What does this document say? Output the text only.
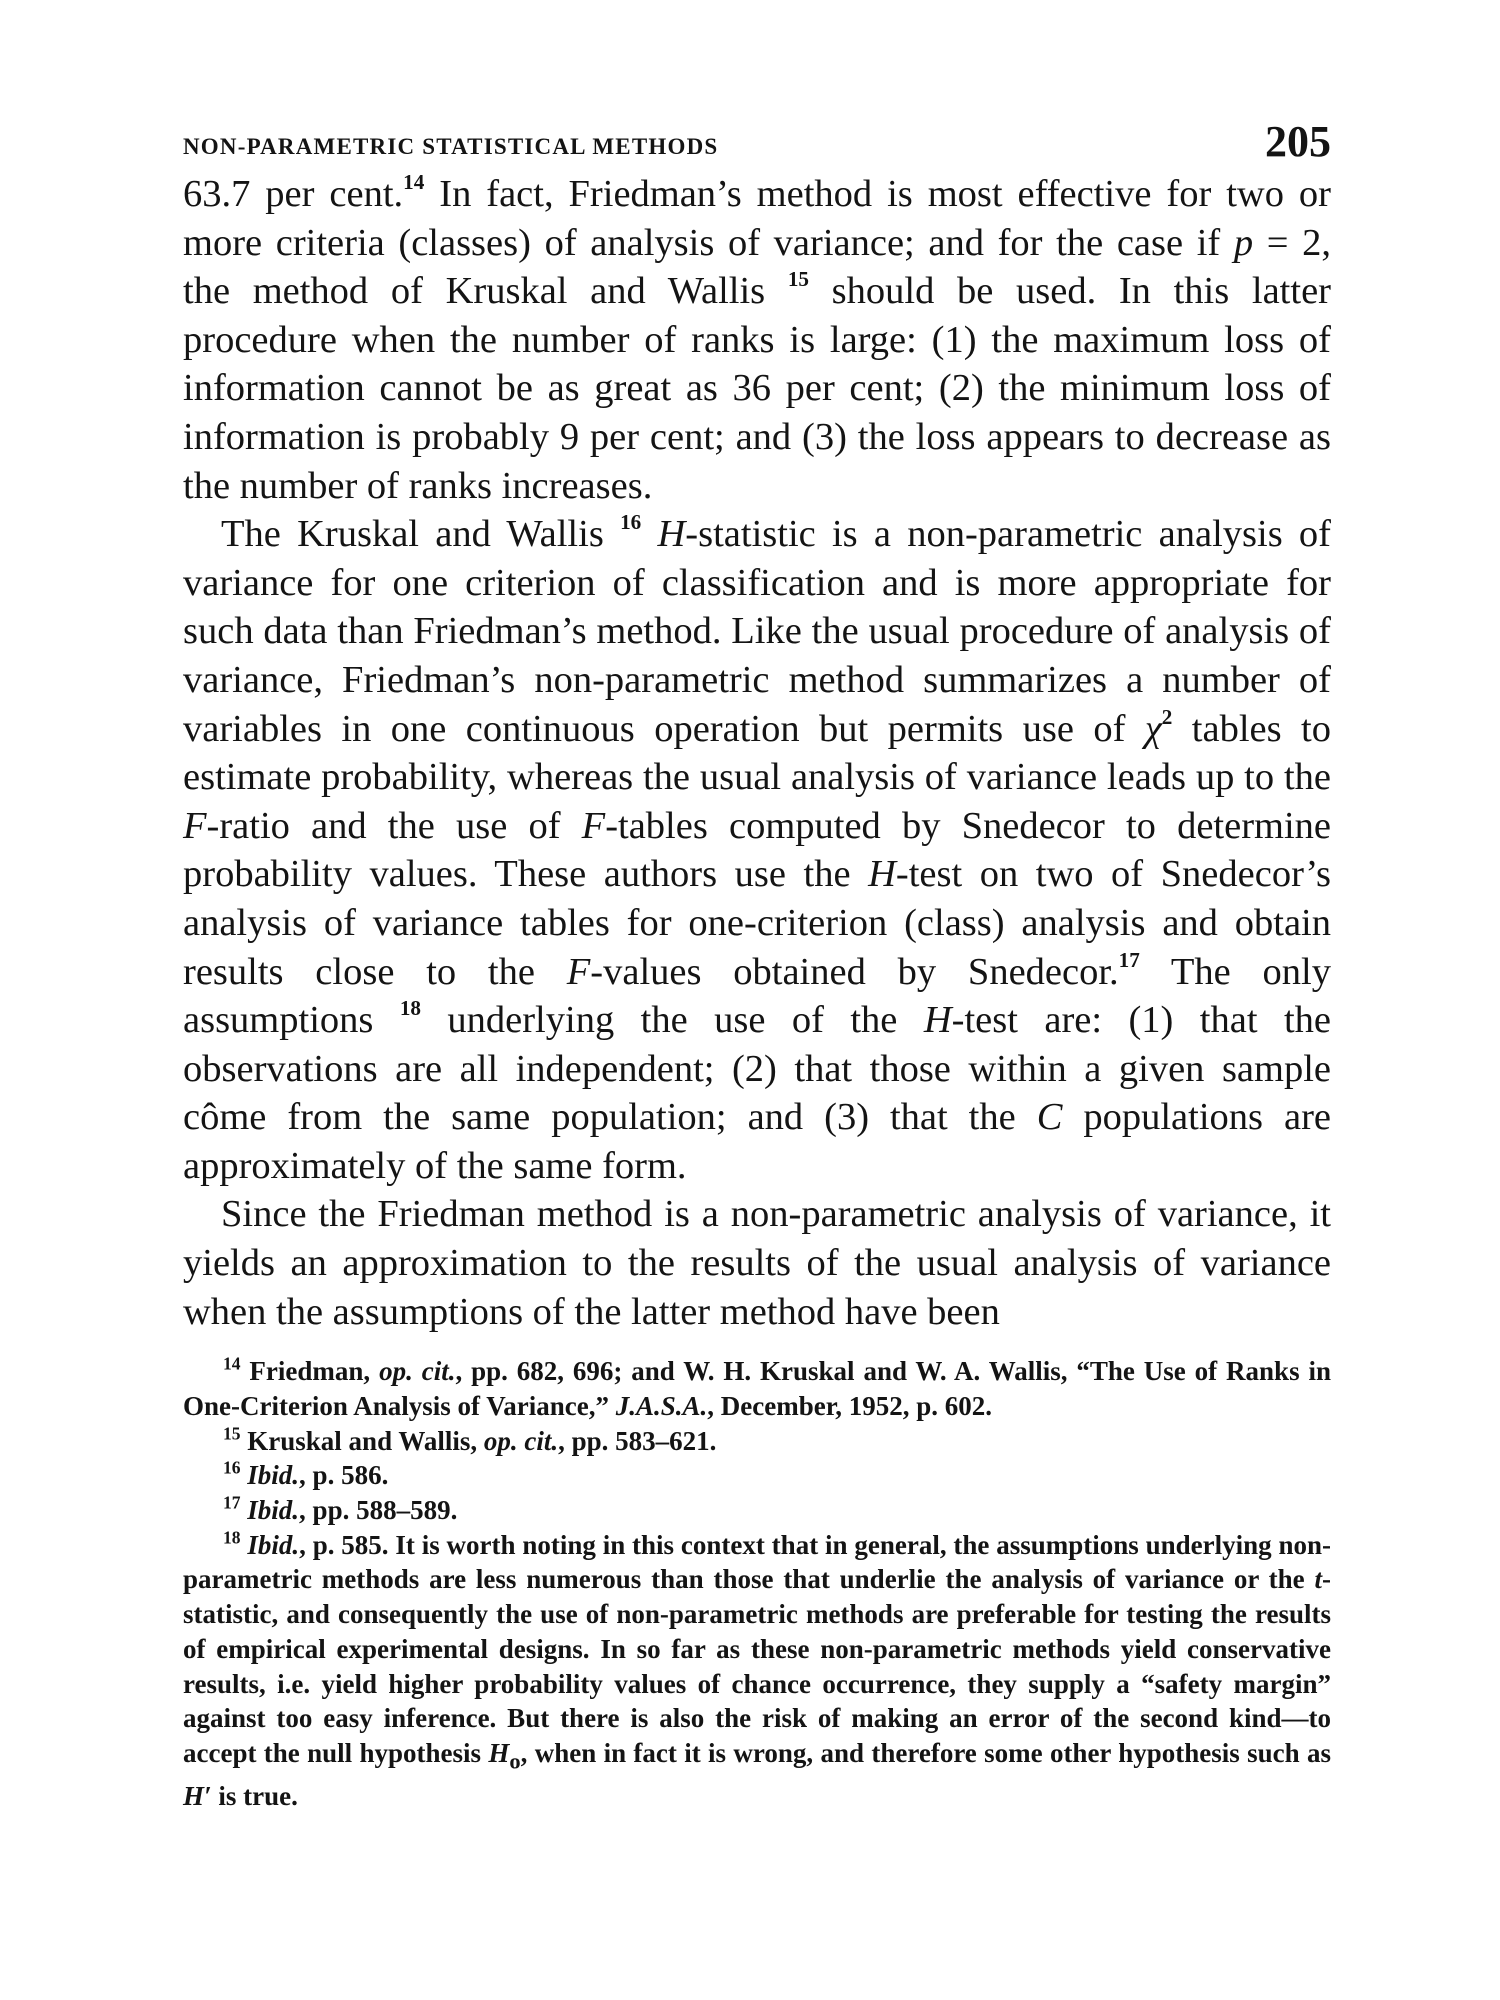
NON-PARAMETRIC STATISTICAL METHODS	205

63.7 per cent.$^{14}$ In fact, Friedman’s method is most effective for two or more criteria (classes) of analysis of variance; and for the case if p = 2, the method of Kruskal and Wallis $^{15}$ should be used. In this latter procedure when the number of ranks is large: (1) the maximum loss of information cannot be as great as 36 per cent; (2) the minimum loss of information is probably 9 per cent; and (3) the loss appears to decrease as the number of ranks increases.

The Kruskal and Wallis $^{16}$ H-statistic is a non-parametric analysis of variance for one criterion of classification and is more appropriate for such data than Friedman’s method. Like the usual procedure of analysis of variance, Friedman’s non-parametric method summarizes a number of variables in one continuous operation but permits use of $\chi^2$ tables to estimate probability, whereas the usual analysis of variance leads up to the F-ratio and the use of F-tables computed by Snedecor to determine probability values. These authors use the H-test on two of Snedecor’s analysis of variance tables for one-criterion (class) analysis and obtain results close to the F-values obtained by Snedecor.$^{17}$ The only assumptions $^{18}$ underlying the use of the H-test are: (1) that the observations are all independent; (2) that those within a given sample côme from the same population; and (3) that the C populations are approximately of the same form.

Since the Friedman method is a non-parametric analysis of variance, it yields an approximation to the results of the usual analysis of variance when the assumptions of the latter method have been

$^{14}$ Friedman, op. cit., pp. 682, 696; and W. H. Kruskal and W. A. Wallis, “The Use of Ranks in One-Criterion Analysis of Variance,” J.A.S.A., December, 1952, p. 602.

$^{15}$ Kruskal and Wallis, op. cit., pp. 583–621.

$^{16}$ Ibid., p. 586.

$^{17}$ Ibid., pp. 588–589.

$^{18}$ Ibid., p. 585. It is worth noting in this context that in general, the assumptions underlying non-parametric methods are less numerous than those that underlie the analysis of variance or the t-statistic, and consequently the use of non-parametric methods are preferable for testing the results of empirical experimental designs. In so far as these non-parametric methods yield conservative results, i.e. yield higher probability values of chance occurrence, they supply a “safety margin” against too easy inference. But there is also the risk of making an error of the second kind—to accept the null hypothesis $H_o$, when in fact it is wrong, and therefore some other hypothesis such as H′ is true.
